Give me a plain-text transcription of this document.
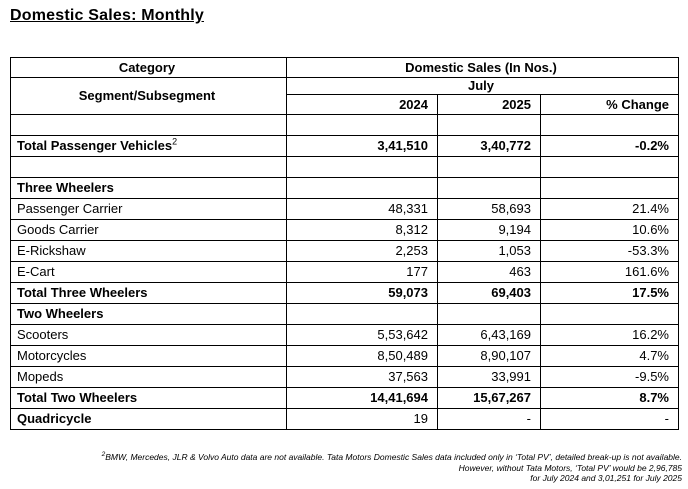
Domestic Sales: Monthly
Category	Domestic Sales (In Nos.)		
Segment/Subsegment	July		
	2024	2025	% Change

Total Passenger Vehicles$^2$	3,41,510	3,40,772	-0.2%

Three Wheelers			
Passenger Carrier	48,331	58,693	21.4%
Goods Carrier	8,312	9,194	10.6%
E-Rickshaw	2,253	1,053	-53.3%
E-Cart	177	463	161.6%
Total Three Wheelers	59,073	69,403	17.5%
Two Wheelers			
Scooters	5,53,642	6,43,169	16.2%
Motorcycles	8,50,489	8,90,107	4.7%
Mopeds	37,563	33,991	-9.5%
Total Two Wheelers	14,41,694	15,67,267	8.7%
Quadricycle	19	-	-
$^2$BMW, Mercedes, JLR & Volvo Auto data are not available. Tata Motors Domestic Sales data included only in ‘Total PV’, detailed break-up is not available.
However, without Tata Motors, ‘Total PV’ would be 2,96,785
for July 2024 and 3,01,251 for July 2025
